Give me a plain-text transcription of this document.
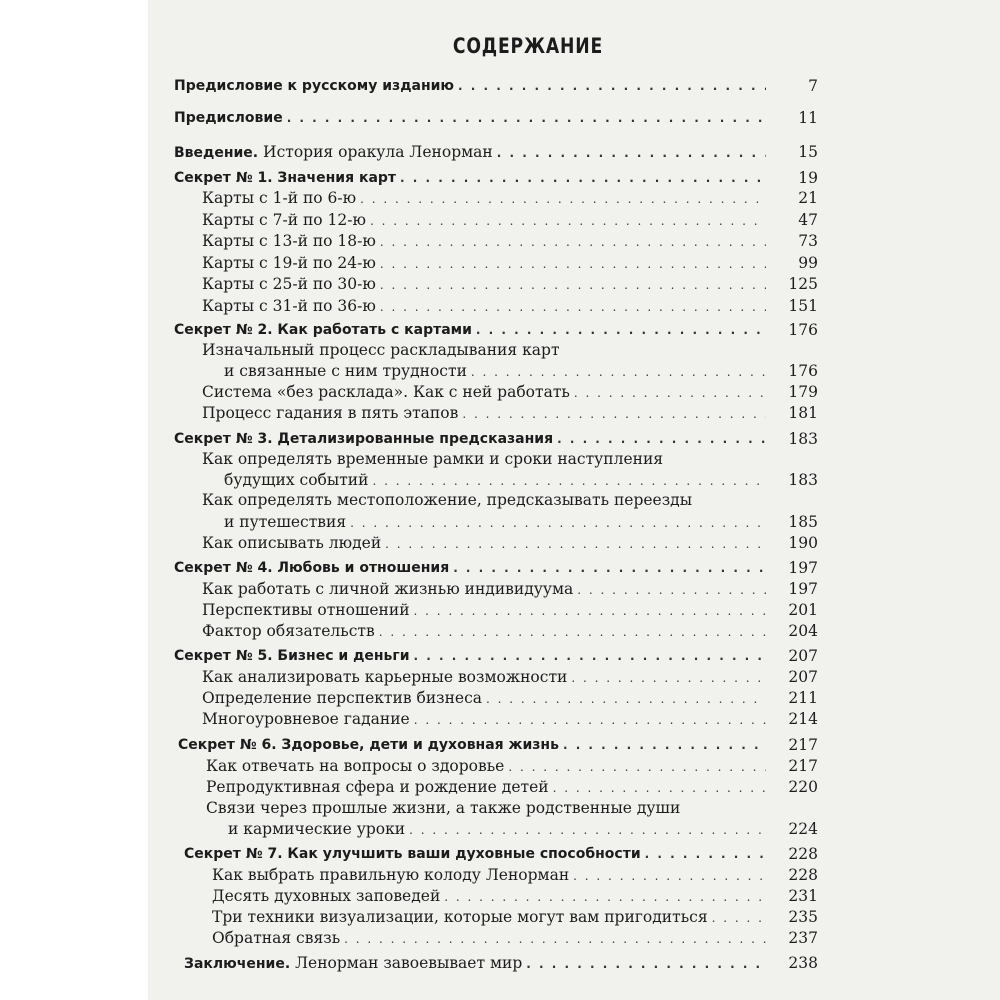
СОДЕРЖАНИЕ
Предисловие к русскому изданию . . .	7
Предисловие . . .	11
Введение. История оракула Ленорман . . .	15
Секрет № 1. Значения карт . . .	19
Карты с 1-й по 6-ю . . .	21
Карты с 7-й по 12-ю . . .	47
Карты с 13-й по 18-ю . . .	73
Карты с 19-й по 24-ю . . .	99
Карты с 25-й по 30-ю . . .	125
Карты с 31-й по 36-ю . . .	151
Секрет № 2. Как работать с картами . . .	176
Изначальный процесс раскладывания карт
и связанные с ним трудности . . .	176
Система «без расклада». Как с ней работать . . .	179
Процесс гадания в пять этапов . . .	181
Секрет № 3. Детализированные предсказания . . .	183
Как определять временные рамки и сроки наступления
будущих событий . . .	183
Как определять местоположение, предсказывать переезды
и путешествия . . .	185
Как описывать людей . . .	190
Секрет № 4. Любовь и отношения . . .	197
Как работать с личной жизнью индивидуума . . .	197
Перспективы отношений . . .	201
Фактор обязательств . . .	204
Секрет № 5. Бизнес и деньги . . .	207
Как анализировать карьерные возможности . . .	207
Определение перспектив бизнеса . . .	211
Многоуровневое гадание . . .	214
Секрет № 6. Здоровье, дети и духовная жизнь . . .	217
Как отвечать на вопросы о здоровье . . .	217
Репродуктивная сфера и рождение детей . . .	220
Связи через прошлые жизни, а также родственные души
и кармические уроки . . .	224
Секрет № 7. Как улучшить ваши духовные способности . . .	228
Как выбрать правильную колоду Ленорман . . .	228
Десять духовных заповедей . . .	231
Три техники визуализации, которые могут вам пригодиться . . .	235
Обратная связь . . .	237
Заключение. Ленорман завоевывает мир . . .	238
